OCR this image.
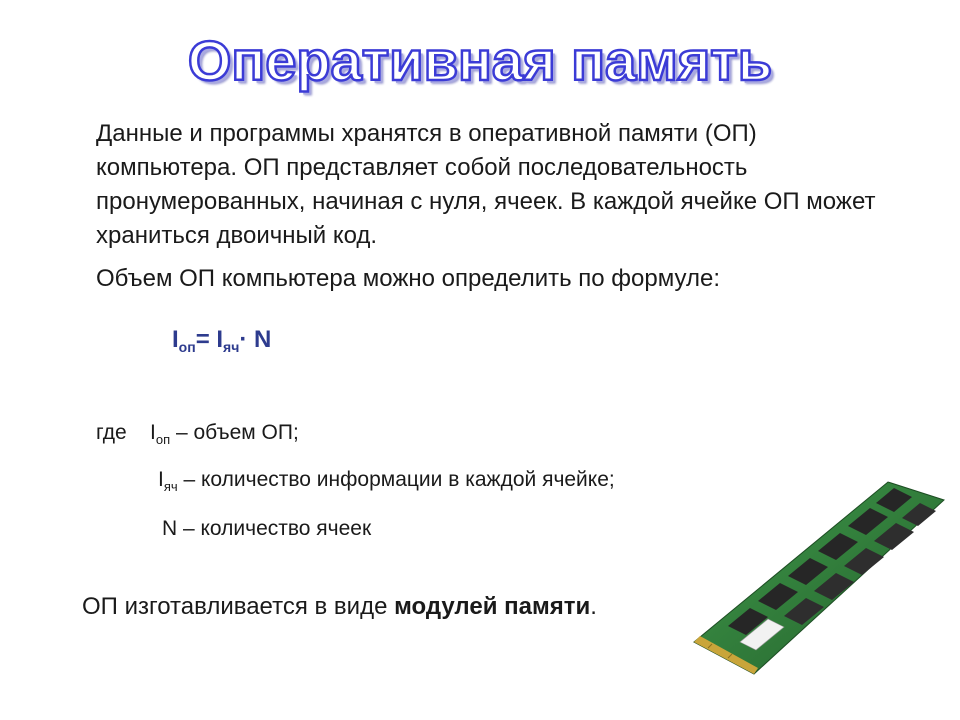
Оперативная память
Данные и программы хранятся в оперативной памяти (ОП) компьютера. ОП представляет собой последовательность пронумерованных, начиная с нуля, ячеек. В каждой ячейке ОП может храниться двоичный код.
Объем ОП компьютера можно определить по формуле:
$I_{оп}= I_{яч}\cdot N$
где $I_{оп}$ – объем ОП;
$I_{яч}$ – количество информации в каждой ячейке;
N – количество ячеек
ОП изготавливается в виде модулей памяти.
